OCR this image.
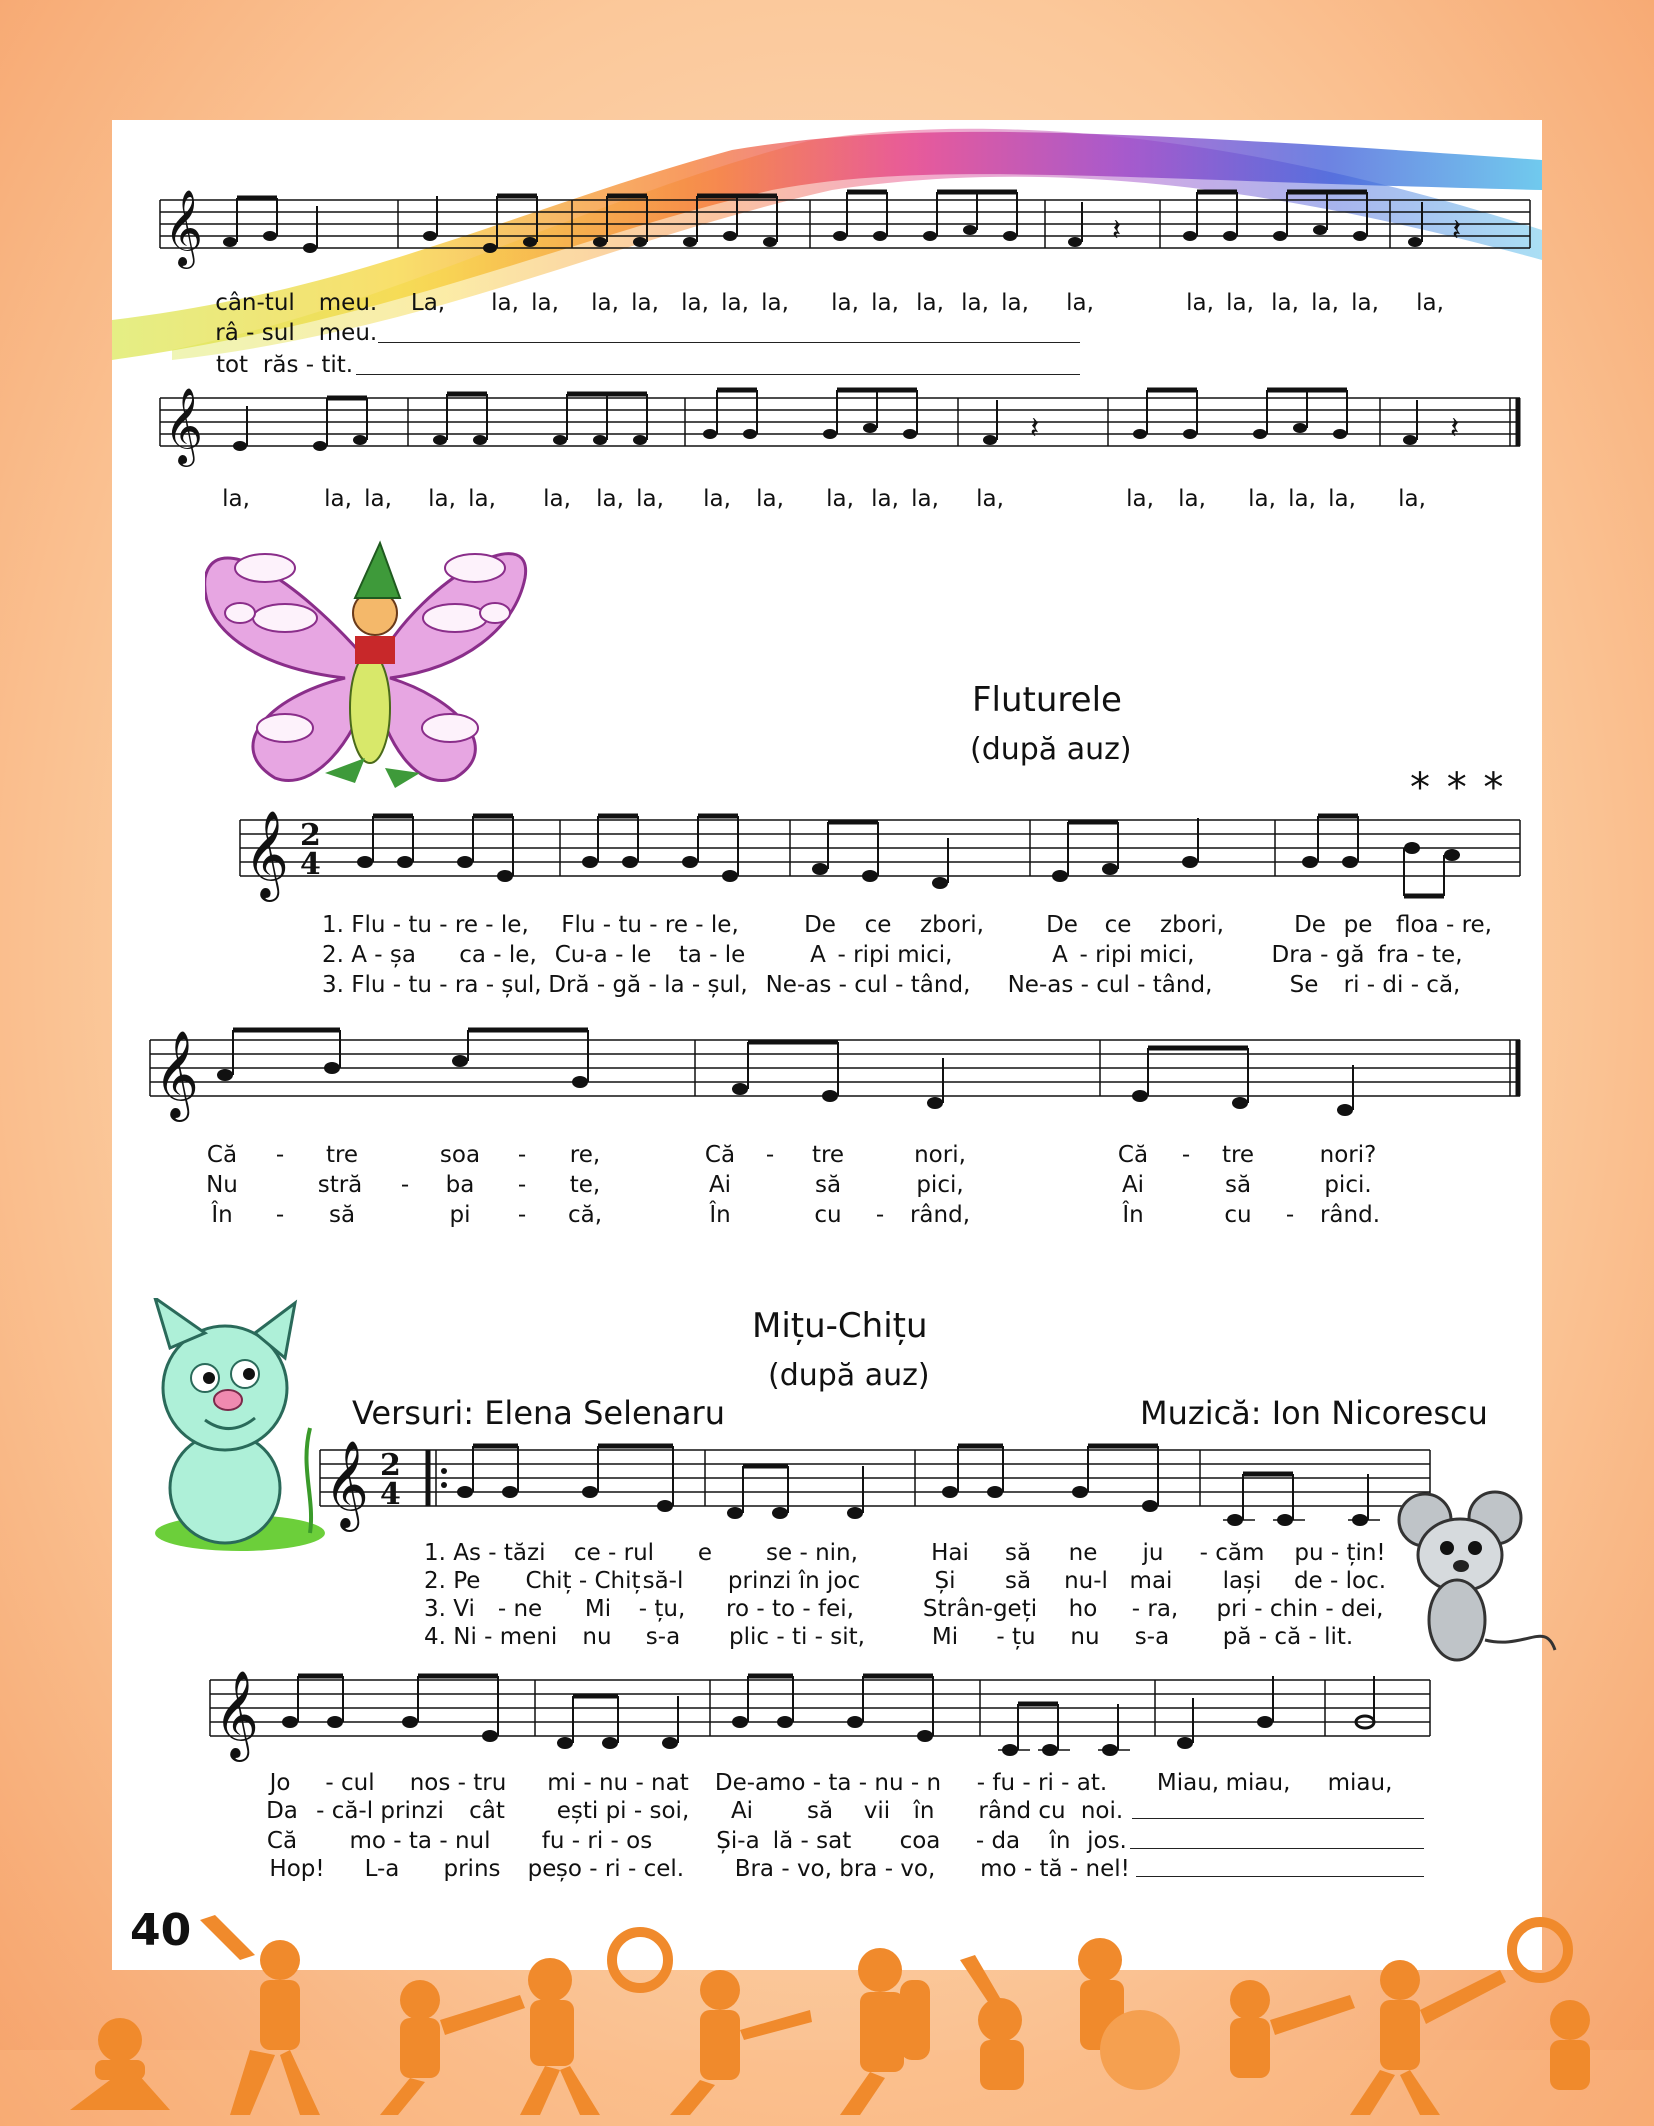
𝄞	𝄽	𝄽
𝄞	𝄽	𝄽
𝄞 2
4
𝄞
𝄞 2
4
𝄞
cân-tul meu. La, la, la, la, la, la, la, la, la, la, la, la, la, la,	la, la, la, la, la, la,
râ - sul meu.
tot răs - tit.
la,	la, la, la, la, la, la, la, la, la, la, la, la, la,	la, la, la, la, la, la,
Fluturele
(după auz)
* * *
1. Flu - tu - re - le, Flu - tu - re - le,	De ce zbori,	De ce zbori,	De pe floa - re,
2. A - șa ca - le, Cu-a - le ta - le	A - ripi mici,	A - ripi mici,	Dra - gă fra - te,
3. Flu - tu - ra - șul, Dră - gă - la - șul, Ne-as - cul - tând, Ne-as - cul - tând,	Se ri - di - că,
Că - tre	soa - re,	Că - tre	nori,	Că - tre	nori?
Nu	stră - ba - te,	Ai	să	pici,	Ai	să	pici.
În - să	pi - că,	În	cu - rând,	În	cu - rând.
Mițu-Chițu
(după auz)
Versuri: Elena Selenaru	Muzică: Ion Nicorescu
1. As - tăzi ce - rul e se - nin,	Hai să ne ju - căm pu - țin!
2. Pe Chiț - Chiț să-l prinzi în joc	Și să nu-l mai lași de - loc.
3. Vi - ne Mi - țu, ro - to - fei,	Strân-geți ho - ra, pri - chin - dei,
4. Ni - meni nu s-a plic - ti - sit,	Mi - țu nu s-a pă - că - lit.
Jo - cul nos - tru mi - nu - nat De-a mo - ta - nu - n - fu - ri - at. Miau, miau, miau,
Da - că-l prinzi cât ești pi - soi, Ai să vii în rând cu noi.
Că mo - ta - nul fu - ri - os	Și-a lă - sat coa - da în jos.
Hop! L-a prins pe șo - ri - cel. Bra - vo, bra - vo, mo - tă - nel!
40
